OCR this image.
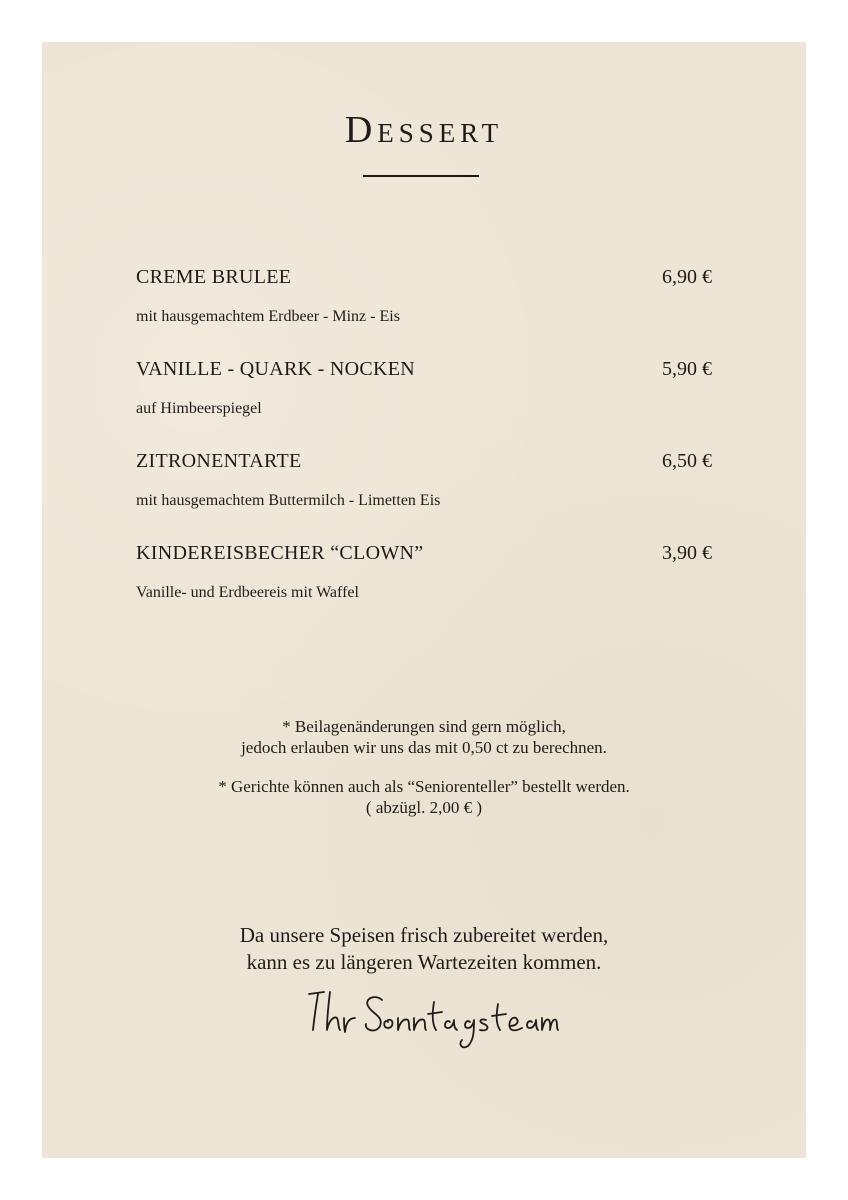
Dessert
CREME BRULEE	6,90 €
mit hausgemachtem Erdbeer - Minz - Eis
VANILLE - QUARK - NOCKEN	5,90 €
auf Himbeerspiegel
ZITRONENTARTE	6,50 €
mit hausgemachtem Buttermilch - Limetten Eis
KINDEREISBECHER “CLOWN”	3,90 €
Vanille- und Erdbeereis mit Waffel

* Beilagenänderungen sind gern möglich,
jedoch erlauben wir uns das mit 0,50 ct zu berechnen.

* Gerichte können auch als “Seniorenteller” bestellt werden.
( abzügl. 2,00 € )

Da unsere Speisen frisch zubereitet werden,
kann es zu längeren Wartezeiten kommen.
